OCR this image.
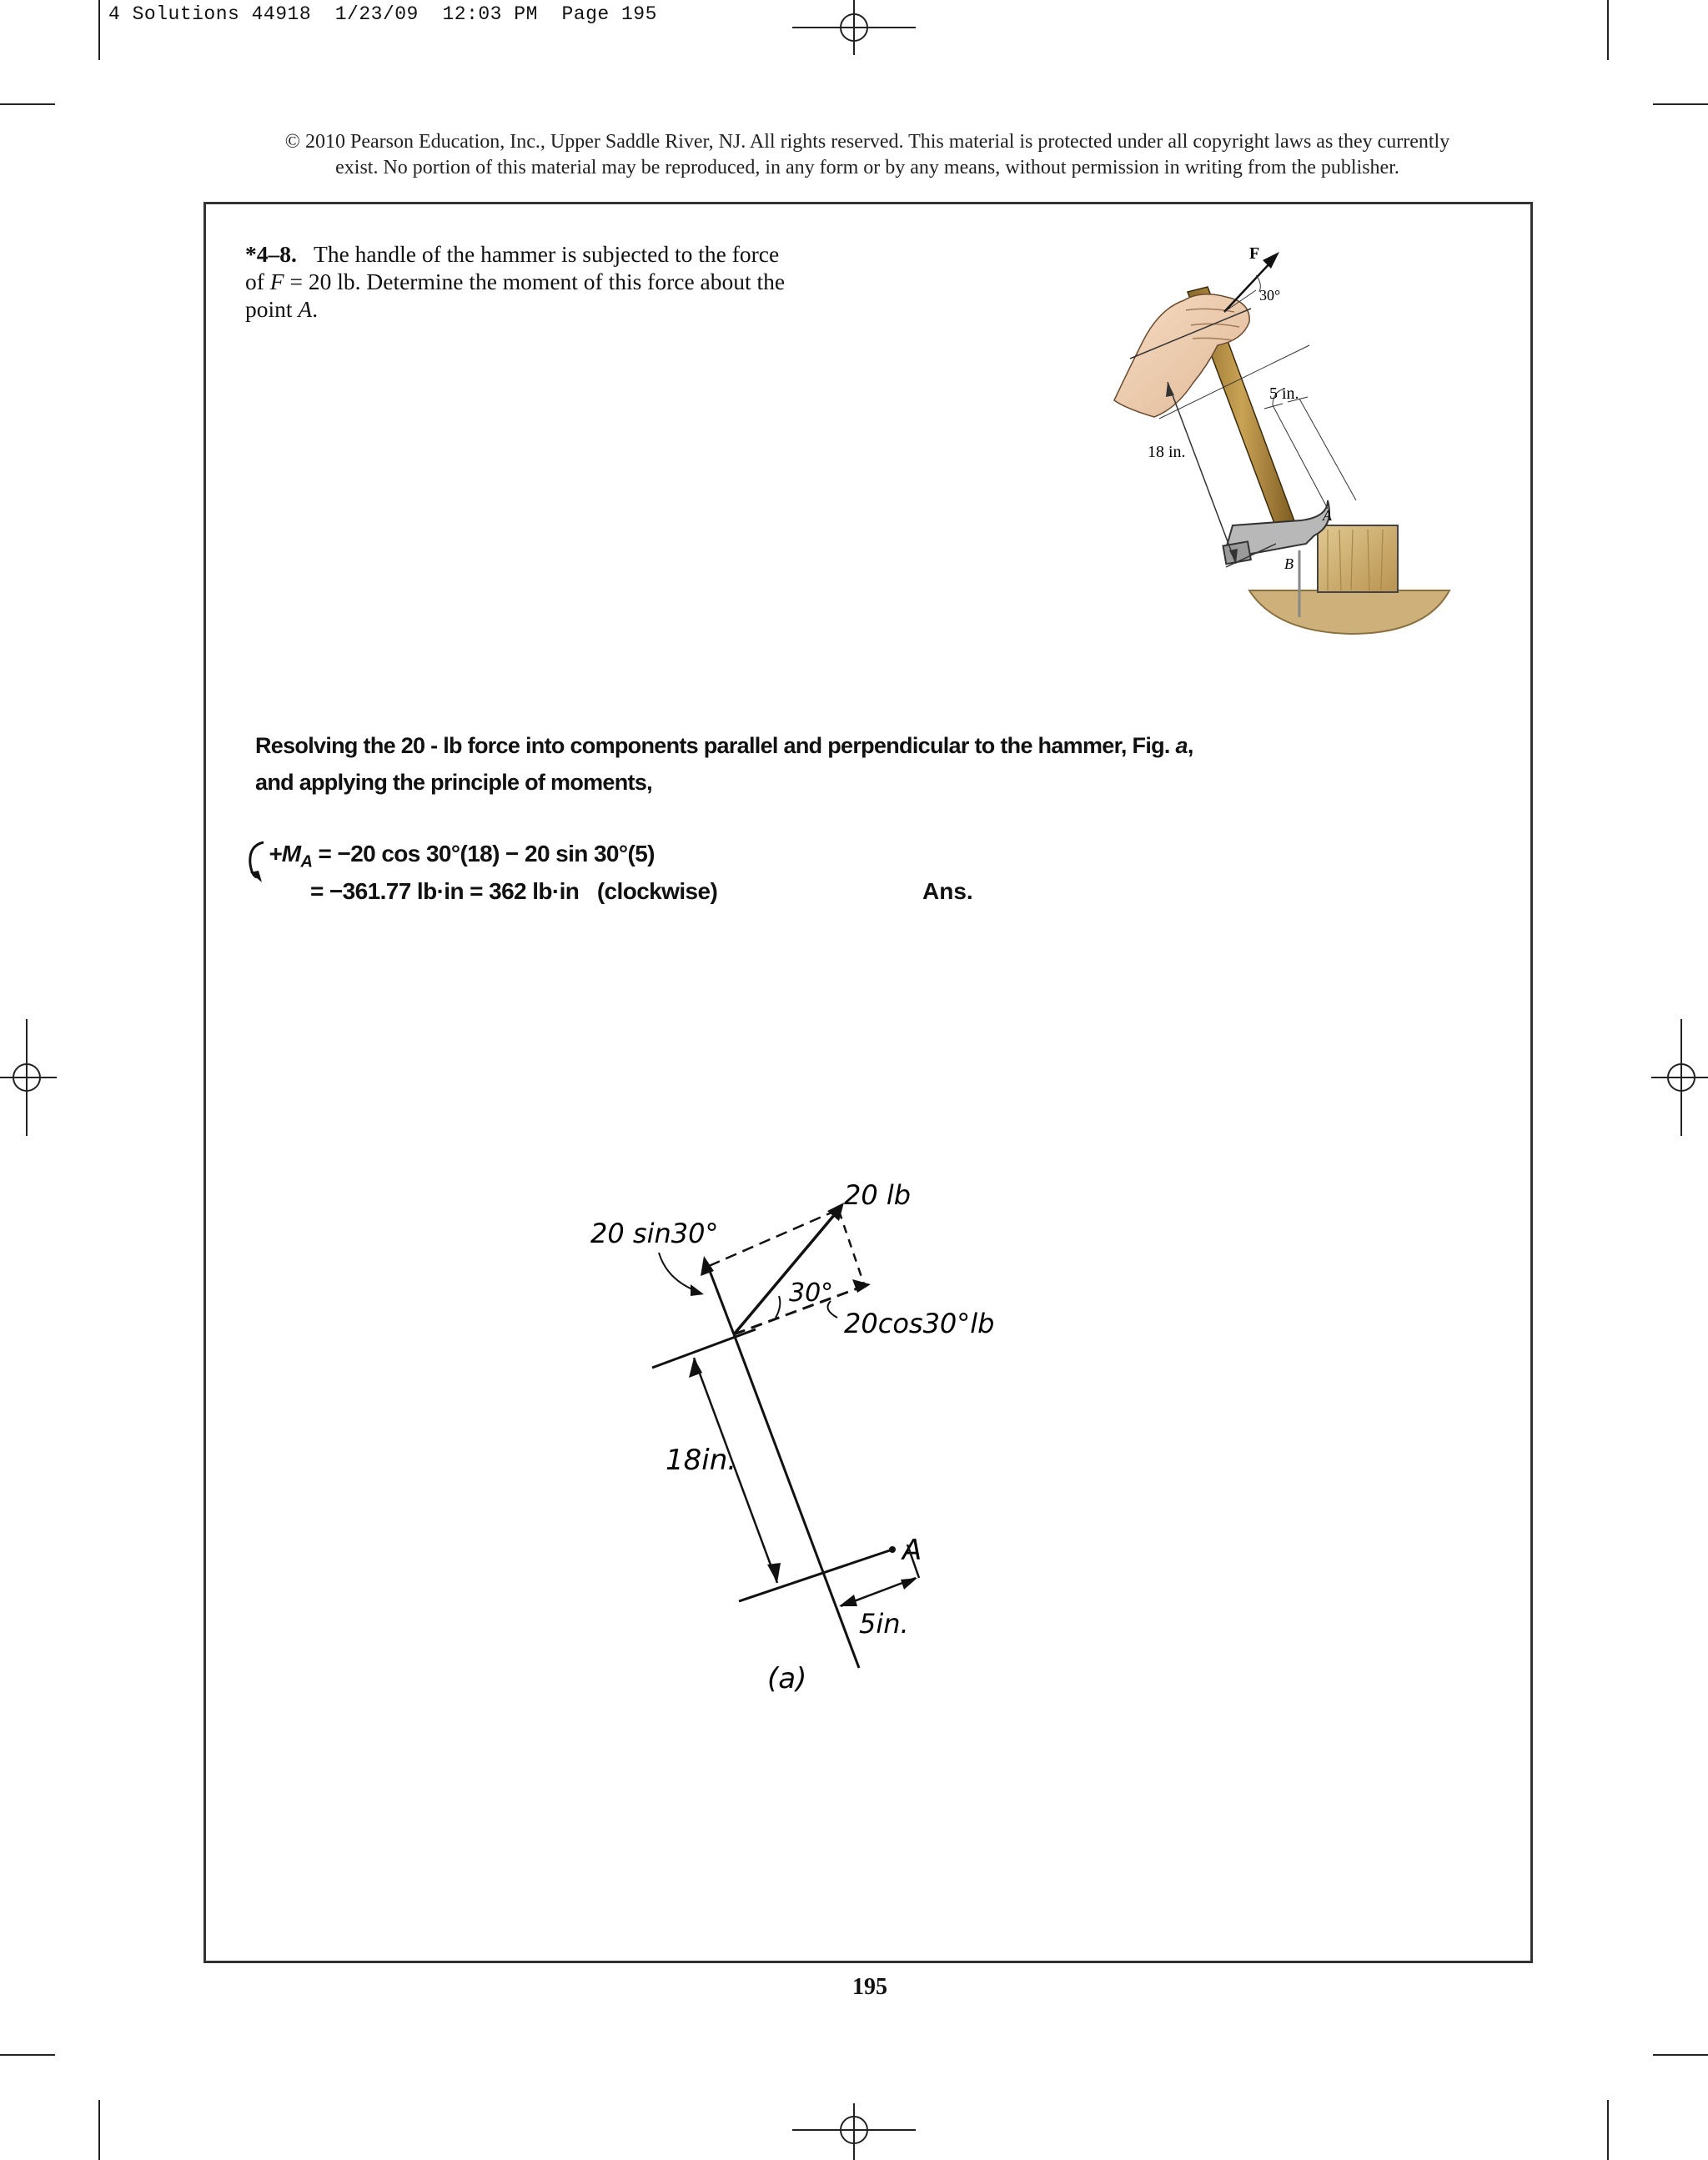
4 Solutions 44918  1/23/09  12:03 PM  Page 195
© 2010 Pearson Education, Inc., Upper Saddle River, NJ. All rights reserved. This material is protected under all copyright laws as they currently
exist. No portion of this material may be reproduced, in any form or by any means, without permission in writing from the publisher.
*4–8. The handle of the hammer is subjected to the force
of F = 20 lb. Determine the moment of this force about the
point A.
F
30°
18 in.
5 in.
A
B
Resolving the 20 - lb force into components parallel and perpendicular to the hammer, Fig. a,
and applying the principle of moments,
$+M_A = -20$ cos 30°(18) − 20 sin 30°(5)
= −361.77 lb·in = 362 lb·in   (clockwise)	Ans.
A
18in.
5in.
20 lb
30°
20 sin30°
20cos30°lb
(a)
195
